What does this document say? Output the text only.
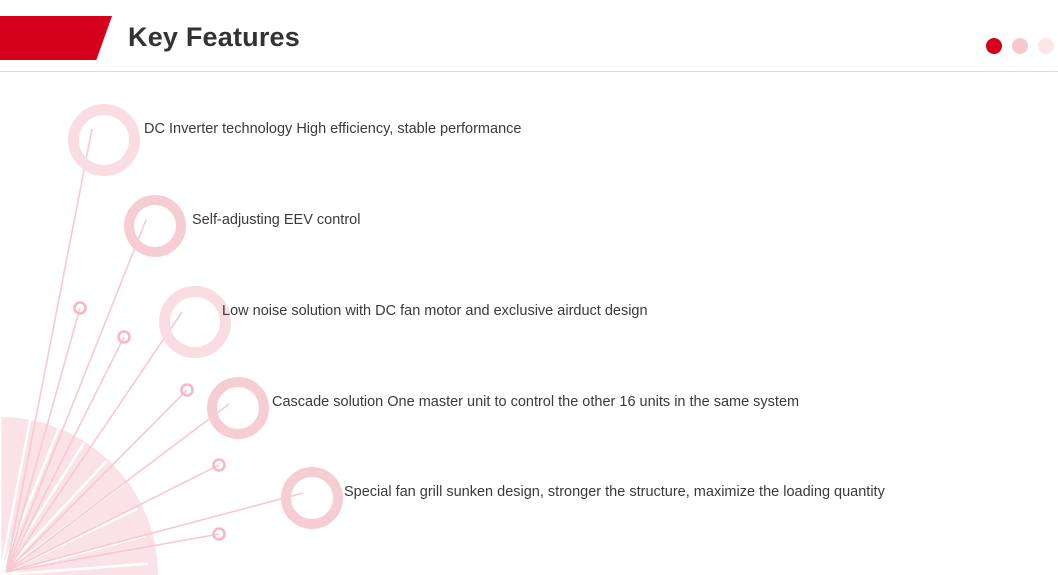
Key Features
DC Inverter technology High efficiency, stable performance
Self-adjusting EEV control
Low noise solution with DC fan motor and exclusive airduct design
Cascade solution One master unit to control the other 16 units in the same system
Special fan grill sunken design, stronger the structure, maximize the loading quantity
